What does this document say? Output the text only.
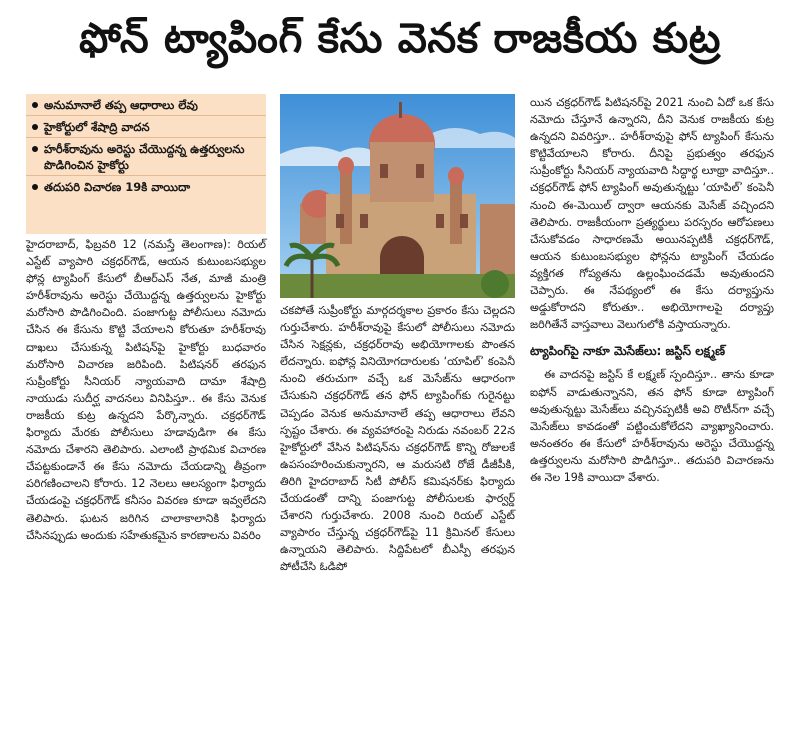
ఫోన్ ట్యాపింగ్ కేసు వెనక రాజకీయ కుట్ర
అనుమానాలే తప్ప ఆధారాలు లేవు
హైకోర్టులో శేషాద్రి వాదన
హరీశ్‌రావును అరెస్టు చేయొద్దన్న ఉత్తర్వులను పొడిగించిన హైకోర్టు
తదుపరి విచారణ 19కి వాయిదా

హైదరాబాద్, ఫిబ్రవరి 12 (నమస్తే తెలంగాణ): రియల్ ఎస్టేట్ వ్యాపారి చక్రధర్‌గౌడ్, ఆయన కుటుంబసభ్యుల ఫోన్ల ట్యాపింగ్ కేసులో బీఆర్‌ఎస్ నేత, మాజీ మంత్రి హరీశ్‌రావును అరెస్టు చేయొద్దన్న ఉత్తర్వులను హైకోర్టు మరోసారి పొడిగించింది. పంజాగుట్ట పోలీసులు నమోదు చేసిన ఈ కేసును కొట్టి వేయాలని కోరుతూ హరీశ్‌రావు దాఖలు చేసుకున్న పిటిషన్‌పై హైకోర్టు బుధవారం మరోసారి విచారణ జరిపింది. పిటిషనర్ తరఫున సుప్రీంకోర్టు సీనియర్ న్యాయవాది దామా శేషాద్రి నాయుడు సుదీర్ఘ వాదనలు వినిపిస్తూ.. ఈ కేసు వెనుక రాజకీయ కుట్ర ఉన్నదని పేర్కొన్నారు. చక్రధర్‌గౌడ్ ఫిర్యాదు మేరకు పోలీసులు హడావుడిగా ఈ కేసు నమోదు చేశారని తెలిపారు. ఎలాంటి ప్రాథమిక విచారణ చేపట్టకుండానే ఈ కేసు నమోదు చేయడాన్ని తీవ్రంగా పరిగణించాలని కోరారు. 12 నెలలు ఆలస్యంగా ఫిర్యాదు చేయడంపై చక్రధర్‌గౌడ్ కనీసం వివరణ కూడా ఇవ్వలేదని తెలిపారు. ఘటన జరిగిన చాలాకాలానికి ఫిర్యాదు చేసినప్పుడు అందుకు సహేతుకమైన కారణాలను వివరిం

చకపోతే సుప్రీంకోర్టు మార్గదర్శకాల ప్రకారం కేసు చెల్లదని గుర్తుచేశారు. హరీశ్‌రావుపై కేసులో పోలీసులు నమోదు చేసిన సెక్షన్లకు, చక్రధర్‌రావు అభియోగాలకు పొంతన లేదన్నారు. ఐఫోన్ల వినియోగదారులకు ‘యాపిల్’ కంపెనీ నుంచి తరుచుగా వచ్చే ఒక మెసేజ్‌ను ఆధారంగా చేసుకుని చక్రధర్‌గౌడ్ తన ఫోన్ ట్యాపింగ్‌కు గురైనట్టు చెప్పడం వెనుక అనుమానాలే తప్ప ఆధారాలు లేవని స్పష్టం చేశారు. ఈ వ్యవహారంపై నిరుడు నవంబర్ 22న హైకోర్టులో వేసిన పిటిషన్‌ను చక్రధర్‌గౌడ్ కొన్ని రోజులకే ఉపసంహరించుకున్నారని, ఆ మరుసటి రోజే డీజీపీకి, తిరిగి హైదరాబాద్ సిటీ పోలీస్ కమిషనర్‌కు ఫిర్యాదు చేయడంతో దాన్ని పంజాగుట్ట పోలీసులకు ఫార్వర్డ్ చేశారని గుర్తుచేశారు. 2008 నుంచి రియల్ ఎస్టేట్ వ్యాపారం చేస్తున్న చక్రధర్‌గౌడ్‌పై 11 క్రిమినల్ కేసులు ఉన్నాయని తెలిపారు. సిద్దిపేటలో బీఎస్పీ తరఫున పోటీచేసి ఓడిపో

యిన చక్రధర్‌గౌడ్ పిటిషనర్‌పై 2021 నుంచి ఏదో ఒక కేసు నమోదు చేస్తూనే ఉన్నారని, దీని వెనుక రాజకీయ కుట్ర ఉన్నదని వివరిస్తూ.. హరీశ్‌రావుపై ఫోన్ ట్యాపింగ్ కేసును కొట్టివేయాలని కోరారు. దీనిపై ప్రభుత్వం తరఫున సుప్రీంకోర్టు సీనియర్ న్యాయవాది సిద్ధార్థ లూథ్రా వాదిస్తూ.. చక్రధర్‌గౌడ్ ఫోన్ ట్యాపింగ్ అవుతున్నట్టు ‘యాపిల్’ కంపెనీ నుంచి ఈ-మెయిల్ ద్వారా ఆయనకు మెసేజ్ వచ్చిందని తెలిపారు. రాజకీయంగా ప్రత్యర్థులు పరస్పరం ఆరోపణలు చేసుకోవడం సాధారణమే అయినప్పటికీ చక్రధర్‌గౌడ్, ఆయన కుటుంబసభ్యుల ఫోన్లను ట్యాపింగ్ చేయడం వ్యక్తిగత గోప్యతను ఉల్లంఘించడమే అవుతుందని చెప్పారు. ఈ నేపథ్యంలో ఈ కేసు దర్యాప్తును అడ్డుకోరాదని కోరుతూ.. అభియోగాలపై దర్యాప్తు జరిగితేనే వాస్తవాలు వెలుగులోకి వస్తాయన్నారు.

ట్యాపింగ్‌పై నాకూ మెసేజ్‌లు: జస్టిస్ లక్ష్మణ్

ఈ వాదనపై జస్టిస్ కే లక్ష్మణ్ స్పందిస్తూ.. తాను కూడా ఐఫోన్ వాడుతున్నానని, తన ఫోన్ కూడా ట్యాపింగ్ అవుతున్నట్టు మెసేజ్‌లు వచ్చినప్పటికీ అవి రొటీన్‌గా వచ్చే మెసేజ్‌లు కావడంతో పట్టించుకోలేదని వ్యాఖ్యానించారు. అనంతరం ఈ కేసులో హరీశ్‌రావును అరెస్టు చేయొద్దన్న ఉత్తర్వులను మరోసారి పొడిగిస్తూ.. తదుపరి విచారణను ఈ నెల 19కి వాయిదా వేశారు.
